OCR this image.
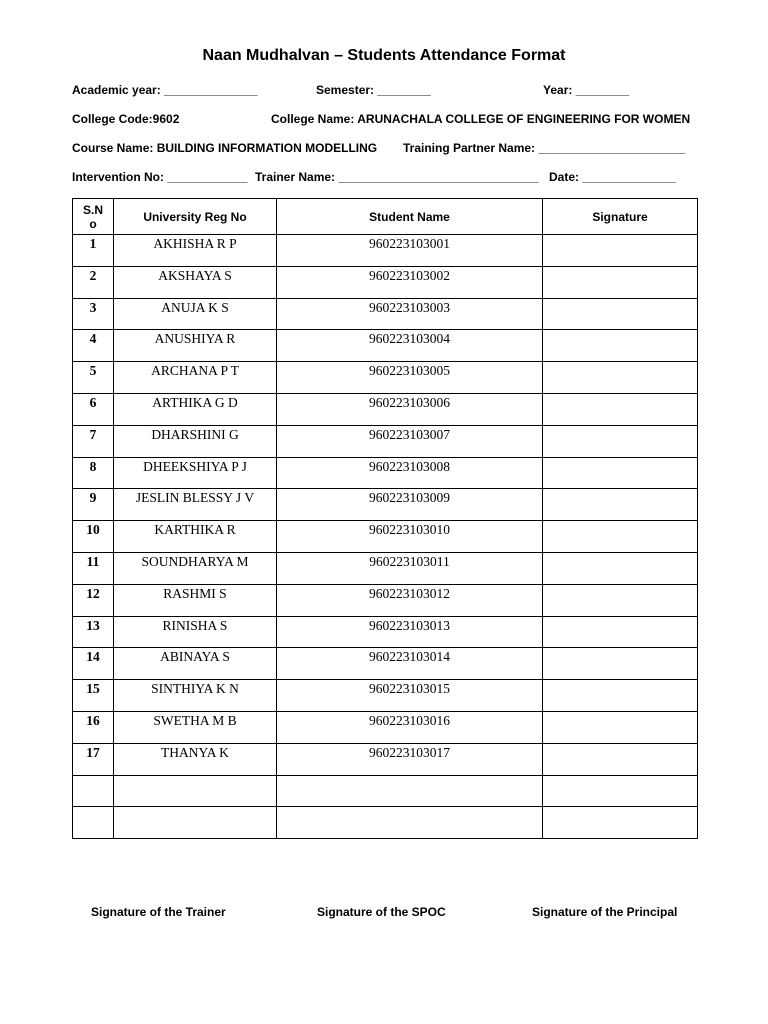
Naan Mudhalvan – Students Attendance Format
Academic year: ______________	Semester: ________	Year: ________
College Code:9602	College Name: ARUNACHALA COLLEGE OF ENGINEERING FOR WOMEN
Course Name: BUILDING INFORMATION MODELLING Training Partner Name: ______________________
Intervention No: ____________ Trainer Name: ______________________________ Date: ______________
S.N
o	University Reg No	Student Name	Signature
1	AKHISHA R P	960223103001	
2	AKSHAYA S	960223103002	
3	ANUJA K S	960223103003	
4	ANUSHIYA R	960223103004	
5	ARCHANA P T	960223103005	
6	ARTHIKA G D	960223103006	
7	DHARSHINI G	960223103007	
8	DHEEKSHIYA P J	960223103008	
9	JESLIN BLESSY J V	960223103009	
10	KARTHIKA R	960223103010	
11	SOUNDHARYA M	960223103011	
12	RASHMI S	960223103012	
13	RINISHA S	960223103013	
14	ABINAYA S	960223103014	
15	SINTHIYA K N	960223103015	
16	SWETHA M B	960223103016	
17	THANYA K	960223103017	

Signature of the Trainer	Signature of the SPOC	Signature of the Principal
